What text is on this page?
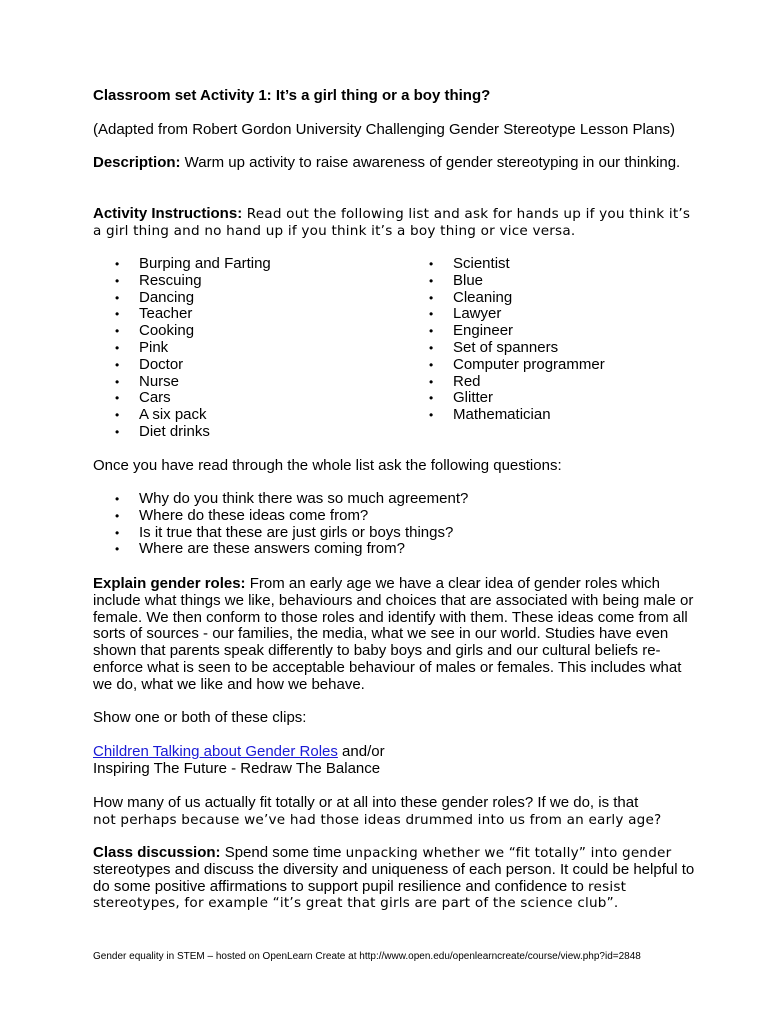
Classroom set Activity 1: It’s a girl thing or a boy thing?
(Adapted from Robert Gordon University Challenging Gender Stereotype Lesson Plans)
Description: Warm up activity to raise awareness of gender stereotyping in our thinking.
Activity Instructions: Read out the following list and ask for hands up if you think it’s a girl thing and no hand up if you think it’s a boy thing or vice versa.
• Burping and Farting
• Rescuing
• Dancing
• Teacher
• Cooking
• Pink
• Doctor
• Nurse
• Cars
• A six pack
• Diet drinks
• Scientist
• Blue
• Cleaning
• Lawyer
• Engineer
• Set of spanners
• Computer programmer
• Red
• Glitter
• Mathematician
Once you have read through the whole list ask the following questions:
• Why do you think there was so much agreement?
• Where do these ideas come from?
• Is it true that these are just girls or boys things?
• Where are these answers coming from?
Explain gender roles: From an early age we have a clear idea of gender roles which include what things we like, behaviours and choices that are associated with being male or female. We then conform to those roles and identify with them. These ideas come from all sorts of sources - our families, the media, what we see in our world. Studies have even shown that parents speak differently to baby boys and girls and our cultural beliefs re-enforce what is seen to be acceptable behaviour of males or females. This includes what we do, what we like and how we behave.
Show one or both of these clips:
Children Talking about Gender Roles and/or
Inspiring The Future - Redraw The Balance
How many of us actually fit totally or at all into these gender roles? If we do, is that
not perhaps because we’ve had those ideas drummed into us from an early age?
Class discussion: Spend some time unpacking whether we “fit totally” into gender stereotypes and discuss the diversity and uniqueness of each person. It could be helpful to do some positive affirmations to support pupil resilience and confidence to resist stereotypes, for example “it’s great that girls are part of the science club”.
Gender equality in STEM – hosted on OpenLearn Create at http://www.open.edu/openlearncreate/course/view.php?id=2848
